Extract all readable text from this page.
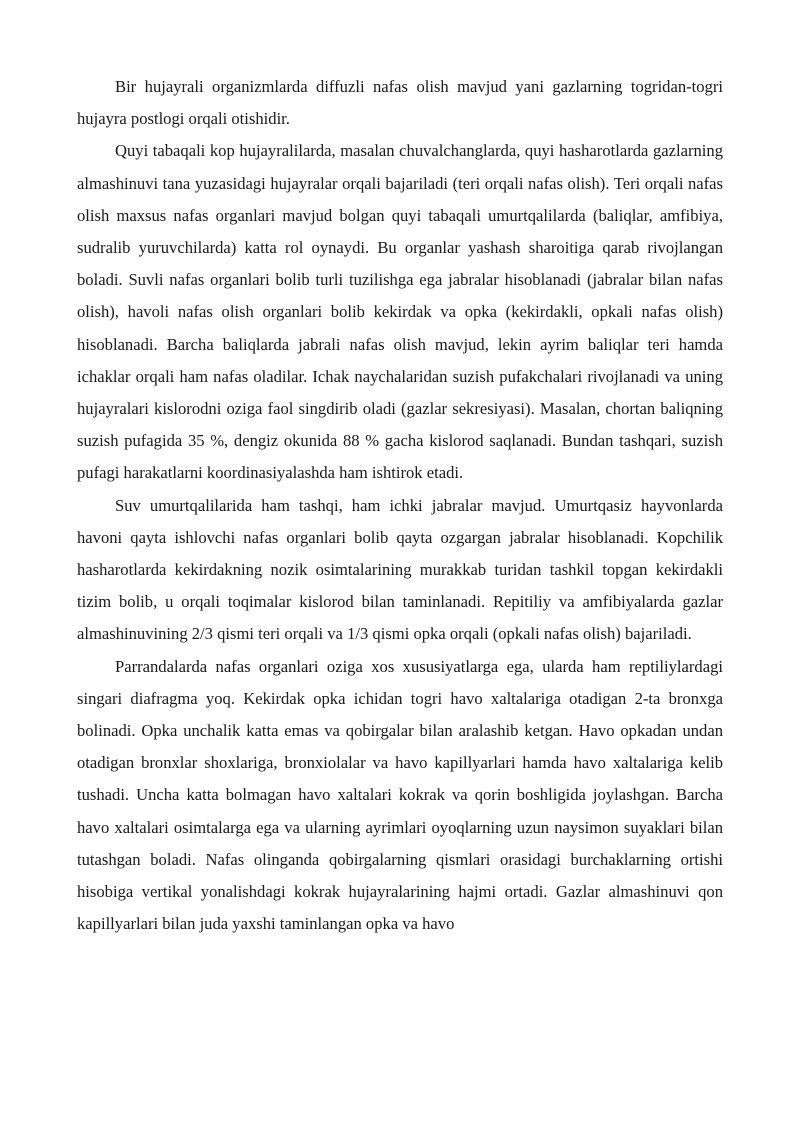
Bir hujayrali organizmlarda diffuzli nafas olish mavjud yani gazlarning togridan-togri hujayra postlogi orqali otishidir.

Quyi tabaqali kop hujayralilarda, masalan chuvalchanglarda, quyi hasharotlarda gazlarning almashinuvi tana yuzasidagi hujayralar orqali bajariladi (teri orqali nafas olish). Teri orqali nafas olish maxsus nafas organlari mavjud bolgan quyi tabaqali umurtqalilarda (baliqlar, amfibiya, sudralib yuruvchilarda) katta rol oynaydi. Bu organlar yashash sharoitiga qarab rivojlangan boladi. Suvli nafas organlari bolib turli tuzilishga ega jabralar hisoblanadi (jabralar bilan nafas olish), havoli nafas olish organlari bolib kekirdak va opka (kekirdakli, opkali nafas olish) hisoblanadi. Barcha baliqlarda jabrali nafas olish mavjud, lekin ayrim baliqlar teri hamda ichaklar orqali ham nafas oladilar. Ichak naychalaridan suzish pufakchalari rivojlanadi va uning hujayralari kislorodni oziga faol singdirib oladi (gazlar sekresiyasi). Masalan, chortan baliqning suzish pufagida 35 %, dengiz okunida 88 % gacha kislorod saqlanadi. Bundan tashqari, suzish pufagi harakatlarni koordinasiyalashda ham ishtirok etadi.

Suv umurtqalilarida ham tashqi, ham ichki jabralar mavjud. Umurtqasiz hayvonlarda havoni qayta ishlovchi nafas organlari bolib qayta ozgargan jabralar hisoblanadi. Kopchilik hasharotlarda kekirdakning nozik osimtalarining murakkab turidan tashkil topgan kekirdakli tizim bolib, u orqali toqimalar kislorod bilan taminlanadi. Repitiliy va amfibiyalarda gazlar almashinuvining 2/3 qismi teri orqali va 1/3 qismi opka orqali (opkali nafas olish) bajariladi.

Parrandalarda nafas organlari oziga xos xususiyatlarga ega, ularda ham reptiliylardagi singari diafragma yoq. Kekirdak opka ichidan togri havo xaltalariga otadigan 2-ta bronxga bolinadi. Opka unchalik katta emas va qobirgalar bilan aralashib ketgan. Havo opkadan undan otadigan bronxlar shoxlariga, bronxiolalar va havo kapillyarlari hamda havo xaltalariga kelib tushadi. Uncha katta bolmagan havo xaltalari kokrak va qorin boshligida joylashgan. Barcha havo xaltalari osimtalarga ega va ularning ayrimlari oyoqlarning uzun naysimon suyaklari bilan tutashgan boladi. Nafas olinganda qobirgalarning qismlari orasidagi burchaklarning ortishi hisobiga vertikal yonalishdagi kokrak hujayralarining hajmi ortadi. Gazlar almashinuvi qon kapillyarlari bilan juda yaxshi taminlangan opka va havo
